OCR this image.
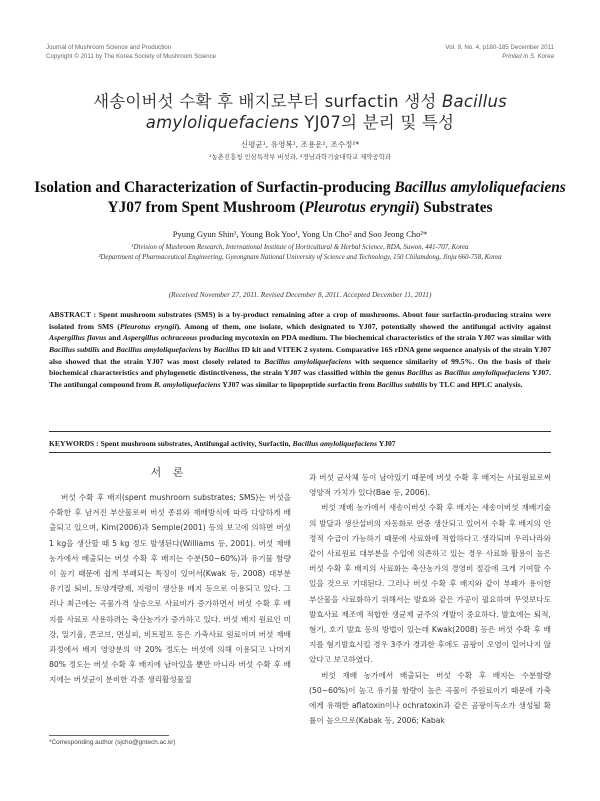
Journal of Mushroom Science and Production
Copyright © 2011 by The Korea Society of Mushroom Science
Vol. 9, No. 4, p180-185 December 2011
Printed in S. Korea
새송이버섯 수확 후 배지로부터 surfactin 생성 Bacillus
amyloliquefaciens YJ07의 분리 및 특성
신평균¹, 유영복¹, 조용운², 조수정²*
¹농촌진흥청 인삼특작부 버섯과, ²경남과학기술대학교 제약공학과
Isolation and Characterization of Surfactin-producing Bacillus amyloliquefaciens
YJ07 from Spent Mushroom (Pleurotus eryngii) Substrates
Pyung Gyun Shin¹, Young Bok Yoo¹, Yong Un Cho² and Soo Jeong Cho²*

¹Division of Mushroom Research, International Institute of Horticultural & Herbal Science, RDA, Suwon, 441-707, Korea

²Department of Pharmaceutical Engineering, Gyeongnam National University of Science and Technology, 150 Chilamdong, Jinju 660-758, Korea

(Received November 27, 2011. Revised December 8, 2011. Accepted December 11, 2011)
ABSTRACT : Spent mushroom substrates (SMS) is a by-product remaining after a crop of mushrooms. About four surfactin-producing strains were isolated from SMS (Pleurotus eryngii). Among of them, one isolate, which designated to YJ07, potentially showed the antifungal activity against Aspergillus flavus and Aspergillus ochraceous producing mycotoxin on PDA medium. The biochemical characteristics of the strain YJ07 was similar with Bacillus subtilis and Bacillus amyloliquefaciens by Bacillus ID kit and VITEK 2 system. Comparative 16S rDNA gene sequence analysis of the strain YJ07 also showed that the strain YJ07 was most closely related to Bacillus amyloliquefaciens with sequence similarity of 99.5%. On the basis of their biochemical characteristics and phylogenetic distinctiveness, the strain YJ07 was classified within the genus Bacillus as Bacillus amyloliquefaciens YJ07. The antifungal compound from B. amyloliquefaciens YJ07 was similar to lipopeptide surfactin from Bacillus subtilis by TLC and HPLC analysis.
KEYWORDS : Spent mushroom substrates, Antifungal activity, Surfactin, Bacillus amyloliquefaciens YJ07
서 론

버섯 수확 후 배지(spent mushroom substrates; SMS)는 버섯을 수확한 후 남겨진 부산물로써 버섯 종류와 재배방식에 따라 다양하게 배출되고 있으며, Kim(2006)과 Semple(2001) 등의 보고에 의하면 버섯 1 kg을 생산할 때 5 kg 정도 발생된다(Williams 등, 2001). 버섯 재배 농가에서 배출되는 버섯 수확 후 배지는 수분(50~60%)과 유기물 함량이 높기 때문에 쉽게 부패되는 특징이 있어서(Kwak 등, 2008) 대부분 유기질 퇴비, 토양개량제, 지렁이 생산용 배지 등으로 이용되고 있다. 그러나 최근에는 곡물가격 상승으로 사료비가 증가하면서 버섯 수확 후 배지를 사료로 사용하려는 축산농가가 증가하고 있다. 버섯 배지 원료인 미강, 밀기울, 콘코브, 면실피, 비트펄프 등은 가축사료 원료이며 버섯 재배과정에서 배지 영양분의 약 20% 정도는 버섯에 의해 이용되고 나머지 80% 정도는 버섯 수확 후 배지에 남아있을 뿐만 아니라 버섯 수확 후 배지에는 버섯균이 분비한 각종 생리활성물질

과 버섯 균사체 등이 남아있기 때문에 버섯 수확 후 배지는 사료원료로써 영양적 가치가 있다(Bae 등, 2006).

버섯 재배 농가에서 새송이버섯 수확 후 배지는 새송이버섯 재배기술의 발달과 생산설비의 자동화로 연중 생산되고 있어서 수확 후 배지의 안정적 수급이 가능하기 때문에 사료화에 적합하다고 생각되며 우리나라와 같이 사료원료 대부분을 수입에 의존하고 있는 경우 사료화 활용이 높은 버섯 수확 후 배지의 사료화는 축산농가의 경영비 절감에 크게 기여할 수 있을 것으로 기대된다. 그러나 버섯 수확 후 배지와 같이 부패가 용이한 부산물을 사료화하기 위해서는 발효와 같은 가공이 필요하며 무엇보다도 발효사료 제조에 적합한 생균제 균주의 개발이 중요하다. 발효에는 퇴적, 혐기, 호기 발효 등의 방법이 있는데 Kwak(2008) 등은 버섯 수확 후 배지를 혐기발효시킬 경우 3주가 경과한 후에도 곰팡이 오염이 일어나지 않았다고 보고하였다.

버섯 재배 농가에서 배출되는 버섯 수확 후 배지는 수분함량(50~60%)이 높고 유기물 함량이 높은 곡물이 주원료이기 때문에 가축에게 유해한 aflatoxin이나 ochratoxin과 같은 곰팡이독소가 생성될 확률이 높으므로(Kabak 등, 2006; Kabak

*Corresponding author (sjcho@gntech.ac.kr)
